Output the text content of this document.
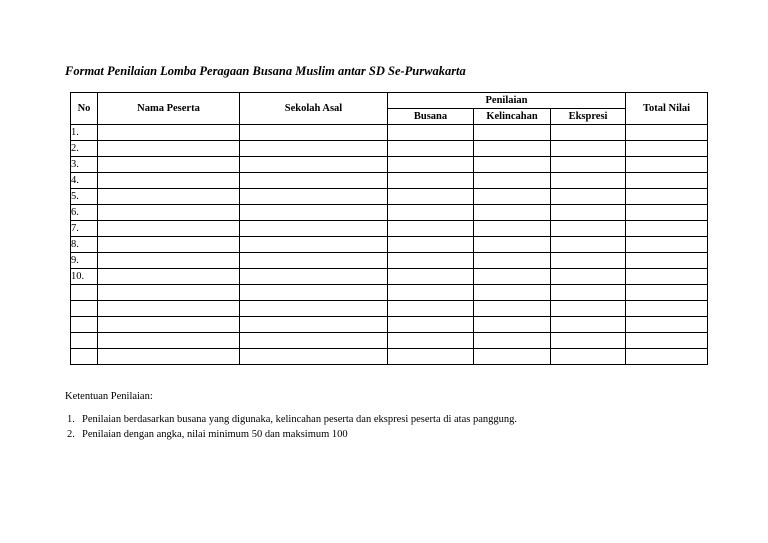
Format Penilaian Lomba Peragaan Busana Muslim antar SD Se-Purwakarta
No	Nama Peserta	Sekolah Asal	Penilaian			Total Nilai
			Busana	Kelincahan	Ekspresi	
1.						
2.						
3.						
4.						
5.						
6.						
7.						
8.						
9.						
10.						

Ketentuan Penilaian:
1. Penilaian berdasarkan busana yang digunaka, kelincahan peserta dan ekspresi peserta di atas panggung.
2. Penilaian dengan angka, nilai minimum 50 dan maksimum 100
